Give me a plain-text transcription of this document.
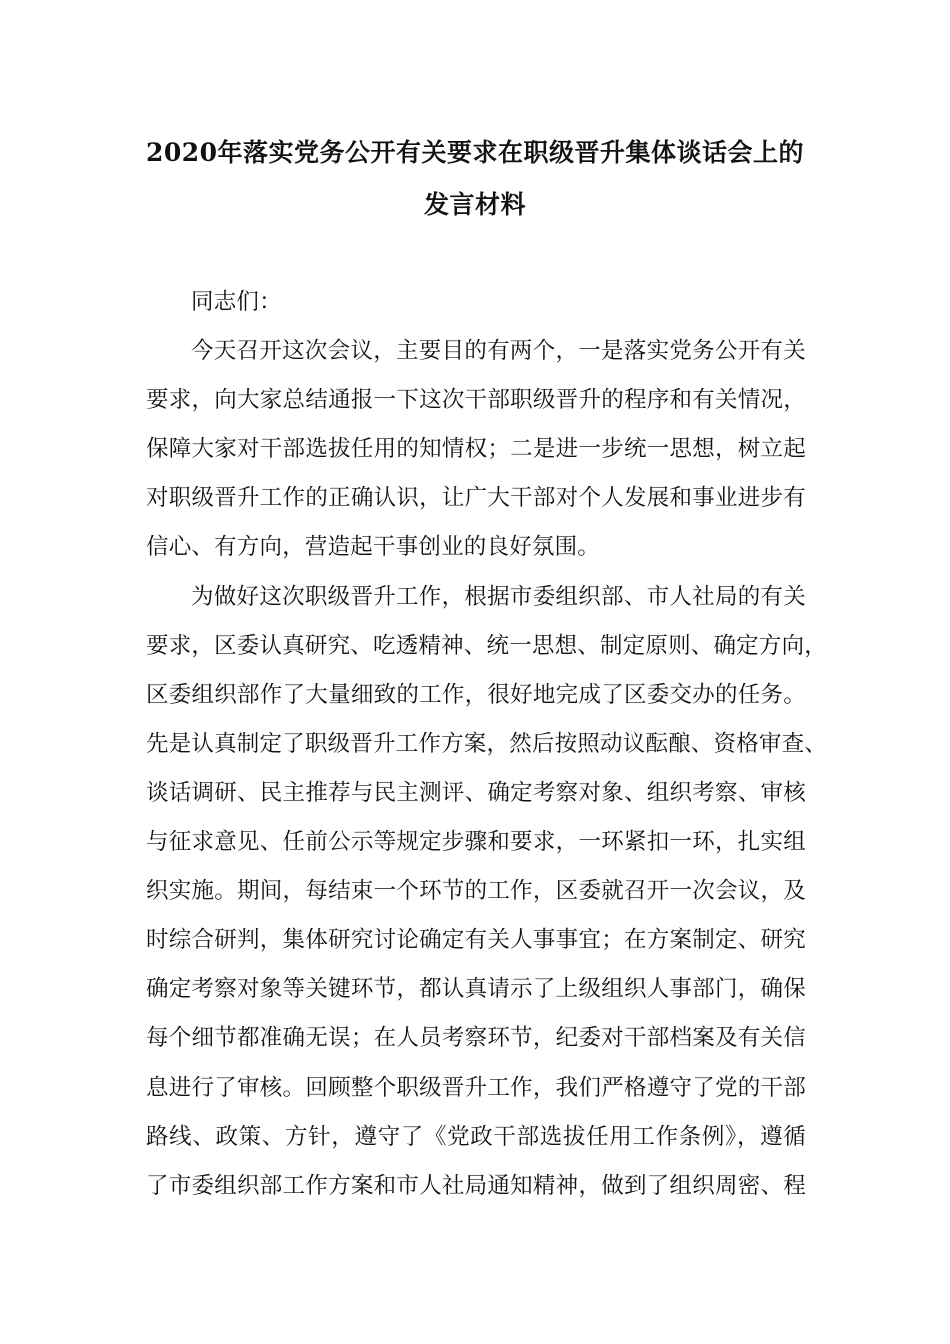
2020年落实党务公开有关要求在职级晋升集体谈话会上的
发言材料
同志们：
今天召开这次会议，主要目的有两个，一是落实党务公开有关
要求，向大家总结通报一下这次干部职级晋升的程序和有关情况，
保障大家对干部选拔任用的知情权；二是进一步统一思想，树立起
对职级晋升工作的正确认识，让广大干部对个人发展和事业进步有
信心、有方向，营造起干事创业的良好氛围。
为做好这次职级晋升工作，根据市委组织部、市人社局的有关
要求，区委认真研究、吃透精神、统一思想、制定原则、确定方向，
区委组织部作了大量细致的工作，很好地完成了区委交办的任务。
先是认真制定了职级晋升工作方案，然后按照动议酝酿、资格审查、
谈话调研、民主推荐与民主测评、确定考察对象、组织考察、审核
与征求意见、任前公示等规定步骤和要求，一环紧扣一环，扎实组
织实施。期间，每结束一个环节的工作，区委就召开一次会议，及
时综合研判，集体研究讨论确定有关人事事宜；在方案制定、研究
确定考察对象等关键环节，都认真请示了上级组织人事部门，确保
每个细节都准确无误；在人员考察环节，纪委对干部档案及有关信
息进行了审核。回顾整个职级晋升工作，我们严格遵守了党的干部
路线、政策、方针，遵守了《党政干部选拔任用工作条例》，遵循
了市委组织部工作方案和市人社局通知精神，做到了组织周密、程
